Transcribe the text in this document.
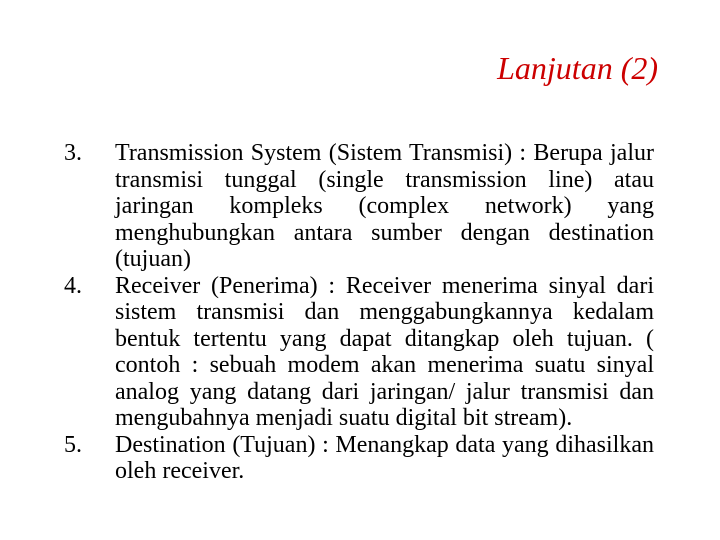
Lanjutan (2)
3.	Transmission System (Sistem Transmisi) : Berupa jalur transmisi tunggal (single transmission line) atau jaringan kompleks (complex network) yang menghubungkan antara sumber dengan destination (tujuan)
4.	Receiver (Penerima) : Receiver menerima sinyal dari sistem transmisi dan menggabungkannya kedalam bentuk tertentu yang dapat ditangkap oleh tujuan. ( contoh : sebuah modem akan menerima suatu sinyal analog yang datang dari jaringan/ jalur transmisi dan mengubahnya menjadi suatu digital bit stream).
5.	Destination (Tujuan) : Menangkap data yang dihasilkan oleh receiver.
